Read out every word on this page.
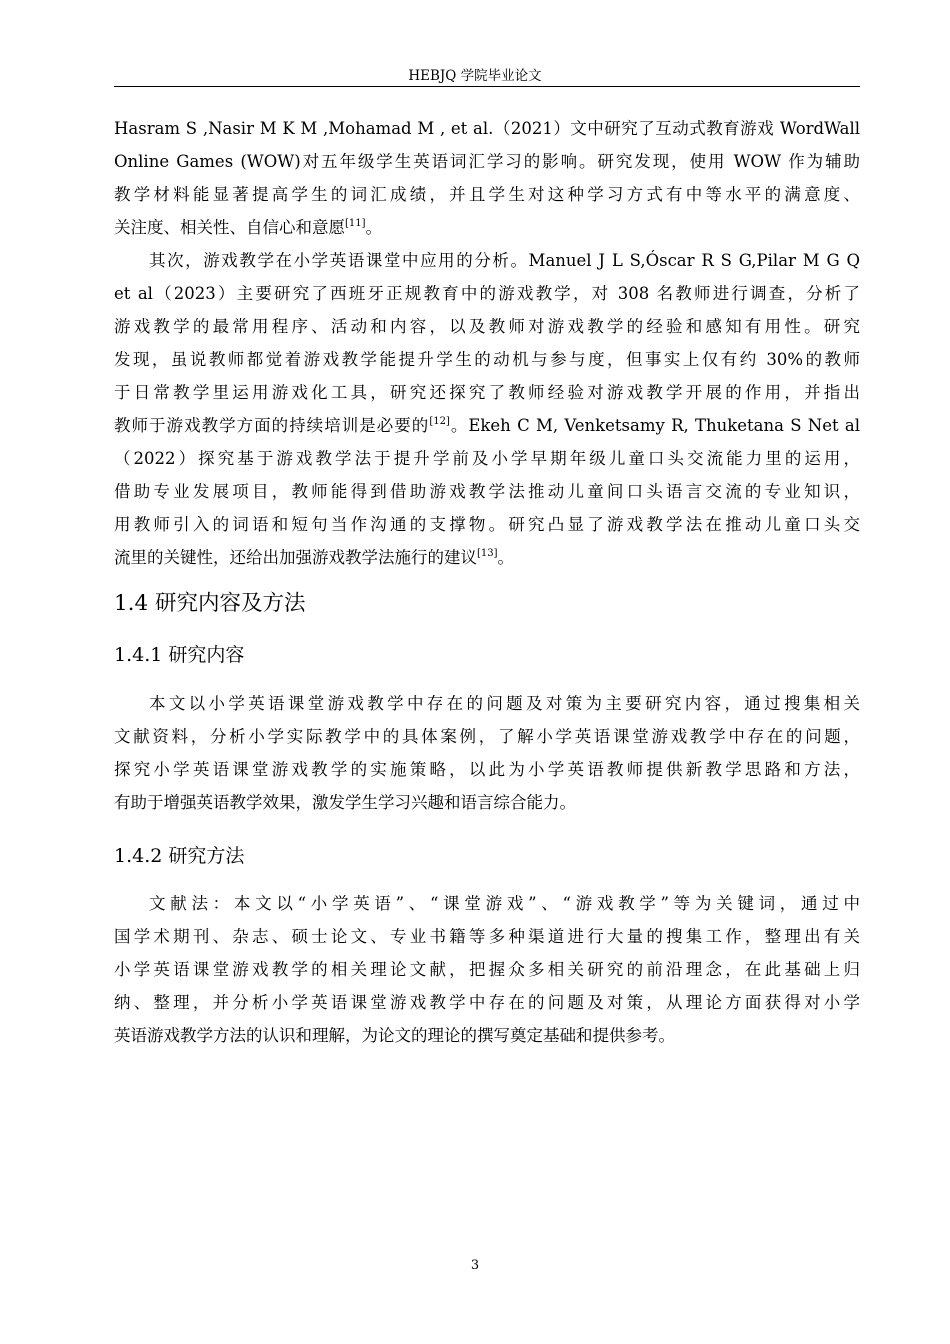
HEBJQ 学院毕业论文

Hasram S ,Nasir M K M ,Mohamad M , et al.（2021）文中研究了互动式教育游戏 WordWall
Online Games (WOW)对五年级学生英语词汇学习的影响。研究发现，使用 WOW 作为辅助
教学材料能显著提高学生的词汇成绩，并且学生对这种学习方式有中等水平的满意度、
关注度、相关性、自信心和意愿[11]。

其次，游戏教学在小学英语课堂中应用的分析。Manuel J L S,Óscar R S G,Pilar M G Q
et al（2023）主要研究了西班牙正规教育中的游戏教学，对 308 名教师进行调查，分析了
游戏教学的最常用程序、活动和内容，以及教师对游戏教学的经验和感知有用性。研究
发现，虽说教师都觉着游戏教学能提升学生的动机与参与度，但事实上仅有约 30%的教师
于日常教学里运用游戏化工具，研究还探究了教师经验对游戏教学开展的作用，并指出
教师于游戏教学方面的持续培训是必要的[12]。Ekeh C M, Venketsamy R, Thuketana S Net al
（2022）探究基于游戏教学法于提升学前及小学早期年级儿童口头交流能力里的运用，
借助专业发展项目，教师能得到借助游戏教学法推动儿童间口头语言交流的专业知识，
用教师引入的词语和短句当作沟通的支撑物。研究凸显了游戏教学法在推动儿童口头交
流里的关键性，还给出加强游戏教学法施行的建议[13]。

1.4 研究内容及方法
1.4.1 研究内容

本文以小学英语课堂游戏教学中存在的问题及对策为主要研究内容，通过搜集相关
文献资料，分析小学实际教学中的具体案例，了解小学英语课堂游戏教学中存在的问题，
探究小学英语课堂游戏教学的实施策略，以此为小学英语教师提供新教学思路和方法，
有助于增强英语教学效果，激发学生学习兴趣和语言综合能力。

1.4.2 研究方法

文献法：本文以“小学英语”、“课堂游戏”、“游戏教学”等为关键词，通过中
国学术期刊、杂志、硕士论文、专业书籍等多种渠道进行大量的搜集工作，整理出有关
小学英语课堂游戏教学的相关理论文献，把握众多相关研究的前沿理念，在此基础上归
纳、整理，并分析小学英语课堂游戏教学中存在的问题及对策，从理论方面获得对小学
英语游戏教学方法的认识和理解，为论文的理论的撰写奠定基础和提供参考。

3
